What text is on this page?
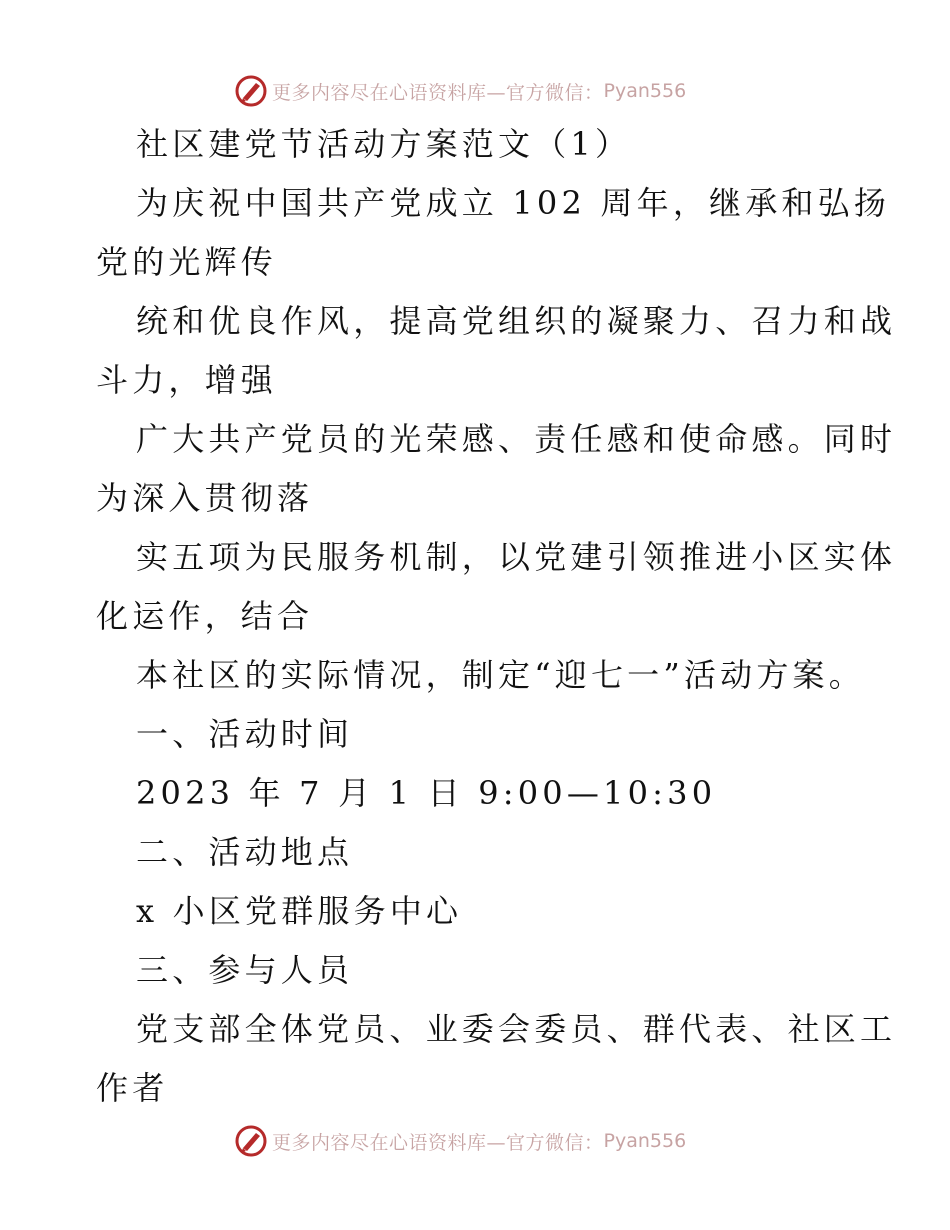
更多内容尽在心语资料库—官方微信： Pyan556
社区建党节活动方案范文（1）
为庆祝中国共产党成立 102 周年，继承和弘扬
党的光辉传
统和优良作风，提高党组织的凝聚力、召力和战
斗力，增强
广大共产党员的光荣感、责任感和使命感。同时
为深入贯彻落
实五项为民服务机制，以党建引领推进小区实体
化运作，结合
本社区的实际情况，制定“迎七一”活动方案。
一、活动时间
2023 年 7 月 1 日 9:00—10:30
二、活动地点
x 小区党群服务中心
三、参与人员
党支部全体党员、业委会委员、群代表、社区工
作者
更多内容尽在心语资料库—官方微信： Pyan556
